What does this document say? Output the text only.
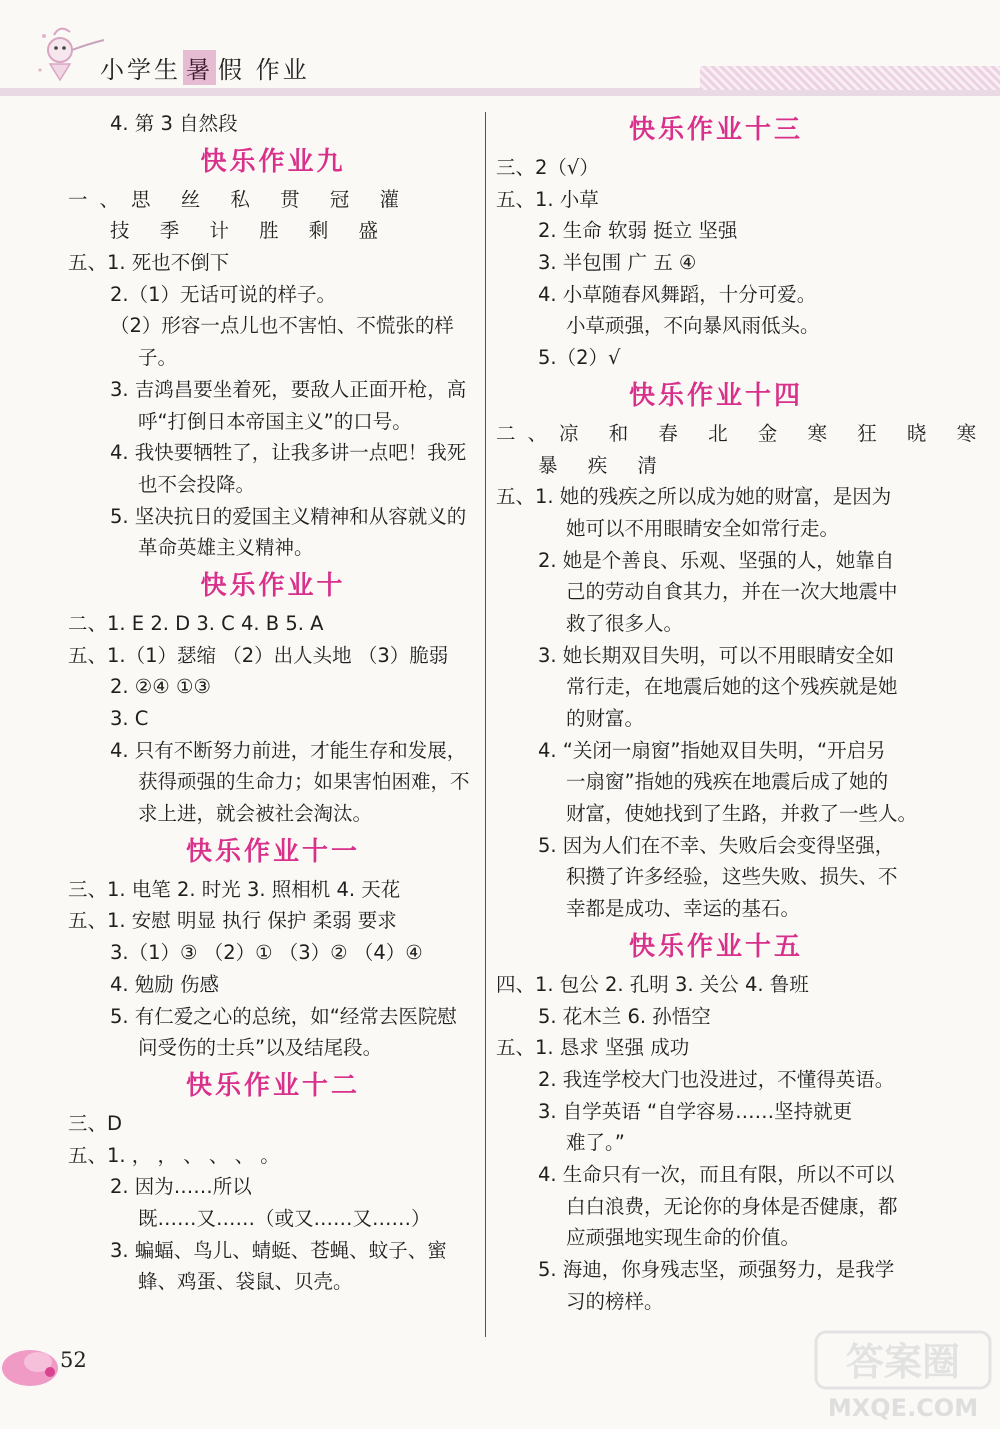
小学生 暑 假 作业
4. 第 3 自然段
快乐作业九
一、思 丝 私 贯 冠 灌
技 季 计 胜 剩 盛
五、1. 死也不倒下
2.（1）无话可说的样子。
（2）形容一点儿也不害怕、不慌张的样
子。
3. 吉鸿昌要坐着死，要敌人正面开枪，高
呼“打倒日本帝国主义”的口号。
4. 我快要牺牲了，让我多讲一点吧！我死
也不会投降。
5. 坚决抗日的爱国主义精神和从容就义的
革命英雄主义精神。
快乐作业十
二、1. E 2. D 3. C 4. B 5. A
五、1.（1）瑟缩 （2）出人头地 （3）脆弱
2. ②④ ①③
3. C
4. 只有不断努力前进，才能生存和发展，
获得顽强的生命力；如果害怕困难，不
求上进，就会被社会淘汰。
快乐作业十一
三、1. 电笔 2. 时光 3. 照相机 4. 天花
五、1. 安慰 明显 执行 保护 柔弱 要求
3.（1）③ （2）① （3）② （4）④
4. 勉励 伤感
5. 有仁爱之心的总统，如“经常去医院慰
问受伤的士兵”以及结尾段。
快乐作业十二
三、D
五、1. ， ， 、 、 、 。
2. 因为……所以
既……又……（或又……又……）
3. 蝙蝠、鸟儿、蜻蜓、苍蝇、蚊子、蜜
蜂、鸡蛋、袋鼠、贝壳。
快乐作业十三
三、2（√）
五、1. 小草
2. 生命 软弱 挺立 坚强
3. 半包围 广 五 ④
4. 小草随春风舞蹈，十分可爱。
小草顽强，不向暴风雨低头。
5.（2）√
快乐作业十四
二、凉 和 春 北 金 寒 狂 晓 寒
暴 疾 清
五、1. 她的残疾之所以成为她的财富，是因为
她可以不用眼睛安全如常行走。
2. 她是个善良、乐观、坚强的人，她靠自
己的劳动自食其力，并在一次大地震中
救了很多人。
3. 她长期双目失明，可以不用眼睛安全如
常行走，在地震后她的这个残疾就是她
的财富。
4. “关闭一扇窗”指她双目失明，“开启另
一扇窗”指她的残疾在地震后成了她的
财富，使她找到了生路，并救了一些人。
5. 因为人们在不幸、失败后会变得坚强，
积攒了许多经验，这些失败、损失、不
幸都是成功、幸运的基石。
快乐作业十五
四、1. 包公 2. 孔明 3. 关公 4. 鲁班
5. 花木兰 6. 孙悟空
五、1. 恳求 坚强 成功
2. 我连学校大门也没进过，不懂得英语。
3. 自学英语 “自学容易……坚持就更
难了。”
4. 生命只有一次，而且有限，所以不可以
白白浪费，无论你的身体是否健康，都
应顽强地实现生命的价值。
5. 海迪，你身残志坚，顽强努力，是我学
习的榜样。
52	答案圈
MXQE.COM
